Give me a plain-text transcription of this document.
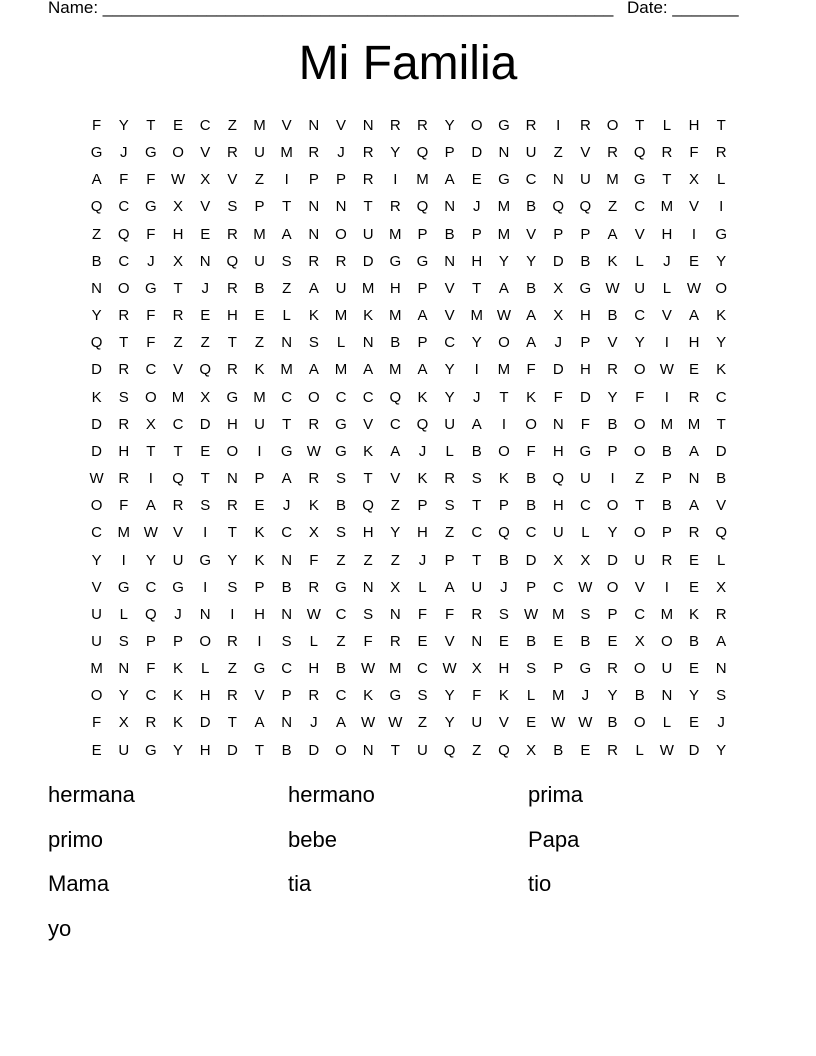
Name: ______________________________________________________ Date: _______
Mi Familia
F	Y	T	E	C	Z	M	V	N	V	N	R	R	Y	O	G	R	I	R	O	T	L	H	T
G	J	G	O	V	R	U	M	R	J	R	Y	Q	P	D	N	U	Z	V	R	Q	R	F	R
A	F	F	W	X	V	Z	I	P	P	R	I	M	A	E	G	C	N	U	M	G	T	X	L
Q	C	G	X	V	S	P	T	N	N	T	R	Q	N	J	M	B	Q	Q	Z	C	M	V	I
Z	Q	F	H	E	R	M	A	N	O	U	M	P	B	P	M	V	P	P	A	V	H	I	G
B	C	J	X	N	Q	U	S	R	R	D	G	G	N	H	Y	Y	D	B	K	L	J	E	Y
N	O	G	T	J	R	B	Z	A	U	M	H	P	V	T	A	B	X	G W U	L	W O
Y	R	F	R	E	H	E	L	K	M	K	M	A	V	M W	A	X	H	B	C	V	A	K
Q	T	F	Z	Z	T	Z	N	S	L	N	B	P	C	Y	O	A	J	P	V	Y	I	H	Y
D	R	C	V	Q	R	K	M	A	M	A	M	A	Y	I	M	F	D	H	R	O W	E	K
K	S	O	M	X	G	M	C	O	C	C	Q	K	Y	J	T	K	F	D	Y	F	I	R	C
D	R	X	C	D	H	U	T	R	G	V	C	Q	U	A	I	O	N	F	B	O	M M	T
D	H	T	T	E	O	I	G W G	K	A	J	L	B	O	F	H	G	P	O	B	A	D
W R	I	Q	T	N	P	A	R	S	T	V	K	R	S	K	B	Q	U	I	Z	P	N	B
O	F	A	R	S	R	E	J	K	B	Q	Z	P	S	T	P	B	H	C	O	T	B	A	V
C	M W	V	I	T	K	C	X	S	H	Y	H	Z	C	Q	C	U	L	Y	O	P	R	Q
Y	I	Y	U	G	Y	K	N	F	Z	Z	Z	J	P	T	B	D	X	X	D	U	R	E	L
V	G	C	G	I	S	P	B	R	G	N	X	L	A	U	J	P	C W O	V	I	E	X
U	L	Q	J	N	I	H	N W C	S	N	F	F	R	S	W M	S	P	C	M	K	R
U	S	P	P	O	R	I	S	L	Z	F	R	E	V	N	E	B	E	B	E	X	O	B	A
M	N	F	K	L	Z	G	C	H	B	W M	C W	X	H	S	P	G	R	O	U	E	N
O	Y	C	K	H	R	V	P	R	C	K	G	S	Y	F	K	L	M	J	Y	B	N	Y	S
F	X	R	K	D	T	A	N	J	A	W W	Z	Y	U	V	E	W W	B	O	L	E	J
E	U	G	Y	H	D	T	B	D	O	N	T	U	Q	Z	Q	X	B	E	R	L	W D	Y
hermana	hermano	prima
primo	bebe	Papa
Mama	tia	tio
yo
